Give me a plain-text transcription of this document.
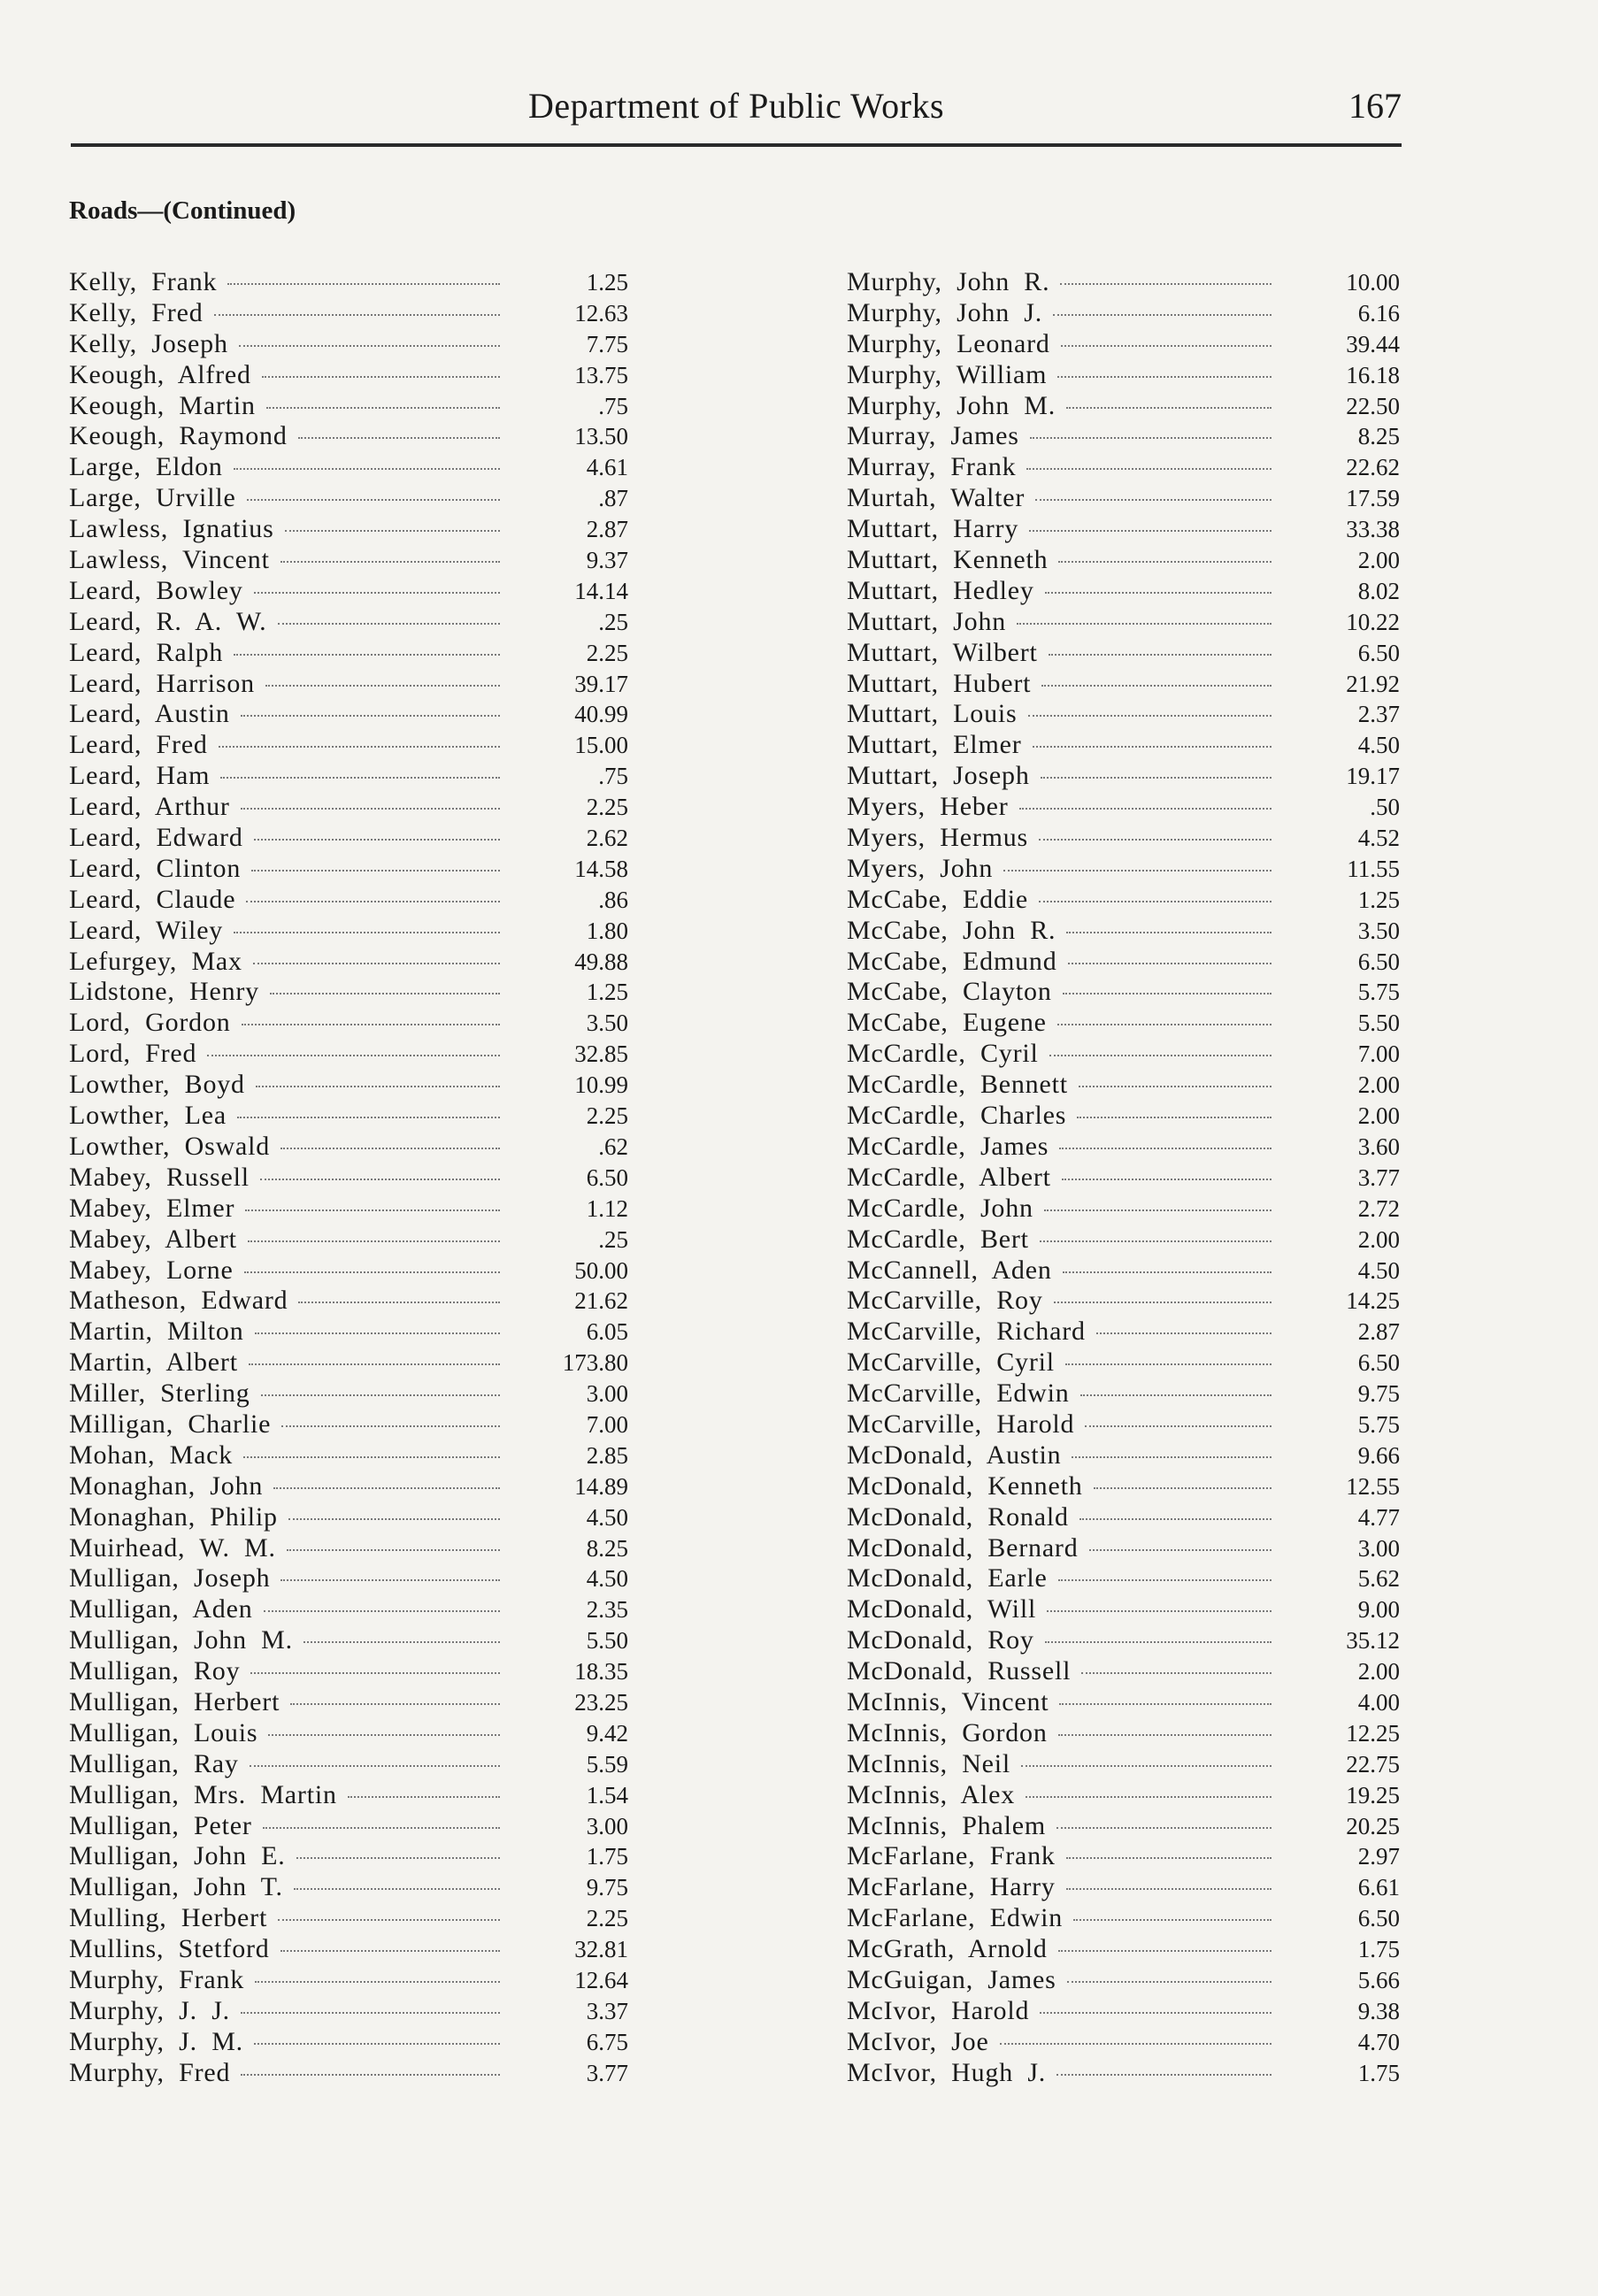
Department of Public Works	167
Roads—(Continued)
Kelly, Frank	1.25
Kelly, Fred	12.63
Kelly, Joseph	7.75
Keough, Alfred	13.75
Keough, Martin	.75
Keough, Raymond	13.50
Large, Eldon	4.61
Large, Urville	.87
Lawless, Ignatius	2.87
Lawless, Vincent	9.37
Leard, Bowley	14.14
Leard, R. A. W.	.25
Leard, Ralph	2.25
Leard, Harrison	39.17
Leard, Austin	40.99
Leard, Fred	15.00
Leard, Ham	.75
Leard, Arthur	2.25
Leard, Edward	2.62
Leard, Clinton	14.58
Leard, Claude	.86
Leard, Wiley	1.80
Lefurgey, Max	49.88
Lidstone, Henry	1.25
Lord, Gordon	3.50
Lord, Fred	32.85
Lowther, Boyd	10.99
Lowther, Lea	2.25
Lowther, Oswald	.62
Mabey, Russell	6.50
Mabey, Elmer	1.12
Mabey, Albert	.25
Mabey, Lorne	50.00
Matheson, Edward	21.62
Martin, Milton	6.05
Martin, Albert	173.80
Miller, Sterling	3.00
Milligan, Charlie	7.00
Mohan, Mack	2.85
Monaghan, John	14.89
Monaghan, Philip	4.50
Muirhead, W. M.	8.25
Mulligan, Joseph	4.50
Mulligan, Aden	2.35
Mulligan, John M.	5.50
Mulligan, Roy	18.35
Mulligan, Herbert	23.25
Mulligan, Louis	9.42
Mulligan, Ray	5.59
Mulligan, Mrs. Martin	1.54
Mulligan, Peter	3.00
Mulligan, John E.	1.75
Mulligan, John T.	9.75
Mulling, Herbert	2.25
Mullins, Stetford	32.81
Murphy, Frank	12.64
Murphy, J. J.	3.37
Murphy, J. M.	6.75
Murphy, Fred	3.77
Murphy, John R.	10.00
Murphy, John J.	6.16
Murphy, Leonard	39.44
Murphy, William	16.18
Murphy, John M.	22.50
Murray, James	8.25
Murray, Frank	22.62
Murtah, Walter	17.59
Muttart, Harry	33.38
Muttart, Kenneth	2.00
Muttart, Hedley	8.02
Muttart, John	10.22
Muttart, Wilbert	6.50
Muttart, Hubert	21.92
Muttart, Louis	2.37
Muttart, Elmer	4.50
Muttart, Joseph	19.17
Myers, Heber	.50
Myers, Hermus	4.52
Myers, John	11.55
McCabe, Eddie	1.25
McCabe, John R.	3.50
McCabe, Edmund	6.50
McCabe, Clayton	5.75
McCabe, Eugene	5.50
McCardle, Cyril	7.00
McCardle, Bennett	2.00
McCardle, Charles	2.00
McCardle, James	3.60
McCardle, Albert	3.77
McCardle, John	2.72
McCardle, Bert	2.00
McCannell, Aden	4.50
McCarville, Roy	14.25
McCarville, Richard	2.87
McCarville, Cyril	6.50
McCarville, Edwin	9.75
McCarville, Harold	5.75
McDonald, Austin	9.66
McDonald, Kenneth	12.55
McDonald, Ronald	4.77
McDonald, Bernard	3.00
McDonald, Earle	5.62
McDonald, Will	9.00
McDonald, Roy	35.12
McDonald, Russell	2.00
McInnis, Vincent	4.00
McInnis, Gordon	12.25
McInnis, Neil	22.75
McInnis, Alex	19.25
McInnis, Phalem	20.25
McFarlane, Frank	2.97
McFarlane, Harry	6.61
McFarlane, Edwin	6.50
McGrath, Arnold	1.75
McGuigan, James	5.66
McIvor, Harold	9.38
McIvor, Joe	4.70
McIvor, Hugh J.	1.75
